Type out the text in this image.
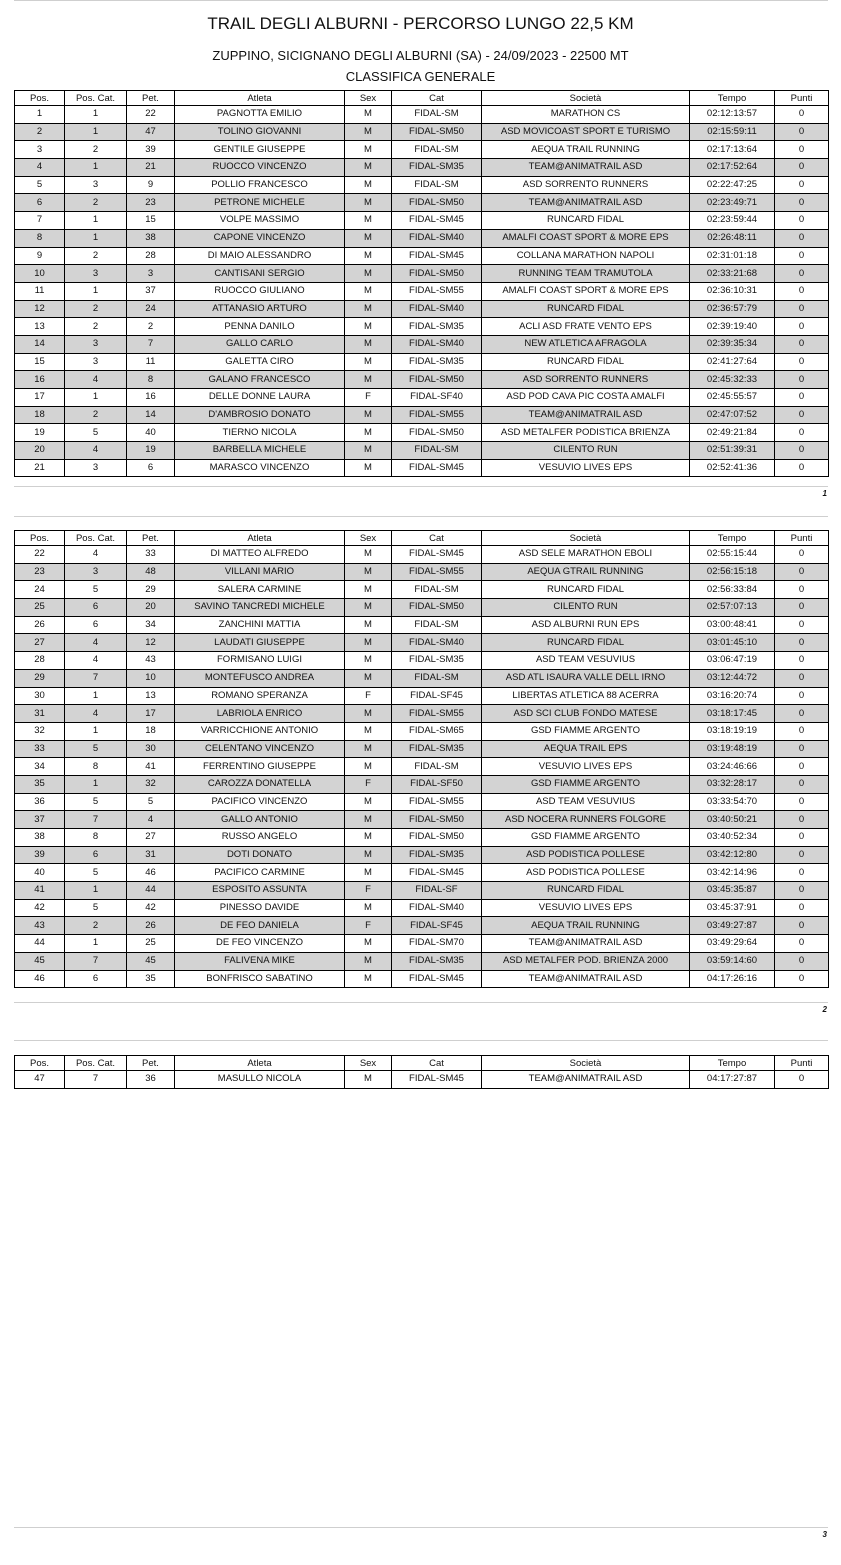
TRAIL DEGLI ALBURNI - PERCORSO LUNGO 22,5 KM
ZUPPINO, SICIGNANO DEGLI ALBURNI (SA) - 24/09/2023 - 22500 MT
CLASSIFICA GENERALE
Pos.	Pos. Cat.	Pet.	Atleta	Sex	Cat	Società	Tempo	Punti
1	1	22	PAGNOTTA EMILIO	M	FIDAL-SM	MARATHON CS	02:12:13:57	0
2	1	47	TOLINO GIOVANNI	M	FIDAL-SM50	ASD MOVICOAST SPORT E TURISMO	02:15:59:11	0
3	2	39	GENTILE GIUSEPPE	M	FIDAL-SM	AEQUA TRAIL RUNNING	02:17:13:64	0
4	1	21	RUOCCO VINCENZO	M	FIDAL-SM35	TEAM@ANIMATRAIL ASD	02:17:52:64	0
5	3	9	POLLIO FRANCESCO	M	FIDAL-SM	ASD SORRENTO RUNNERS	02:22:47:25	0
6	2	23	PETRONE MICHELE	M	FIDAL-SM50	TEAM@ANIMATRAIL ASD	02:23:49:71	0
7	1	15	VOLPE MASSIMO	M	FIDAL-SM45	RUNCARD FIDAL	02:23:59:44	0
8	1	38	CAPONE VINCENZO	M	FIDAL-SM40	AMALFI COAST SPORT & MORE EPS	02:26:48:11	0
9	2	28	DI MAIO ALESSANDRO	M	FIDAL-SM45	COLLANA MARATHON NAPOLI	02:31:01:18	0
10	3	3	CANTISANI SERGIO	M	FIDAL-SM50	RUNNING TEAM TRAMUTOLA	02:33:21:68	0
11	1	37	RUOCCO GIULIANO	M	FIDAL-SM55	AMALFI COAST SPORT & MORE EPS	02:36:10:31	0
12	2	24	ATTANASIO ARTURO	M	FIDAL-SM40	RUNCARD FIDAL	02:36:57:79	0
13	2	2	PENNA DANILO	M	FIDAL-SM35	ACLI ASD FRATE VENTO EPS	02:39:19:40	0
14	3	7	GALLO CARLO	M	FIDAL-SM40	NEW ATLETICA AFRAGOLA	02:39:35:34	0
15	3	11	GALETTA CIRO	M	FIDAL-SM35	RUNCARD FIDAL	02:41:27:64	0
16	4	8	GALANO FRANCESCO	M	FIDAL-SM50	ASD SORRENTO RUNNERS	02:45:32:33	0
17	1	16	DELLE DONNE LAURA	F	FIDAL-SF40	ASD POD CAVA PIC COSTA AMALFI	02:45:55:57	0
18	2	14	D'AMBROSIO DONATO	M	FIDAL-SM55	TEAM@ANIMATRAIL ASD	02:47:07:52	0
19	5	40	TIERNO NICOLA	M	FIDAL-SM50	ASD METALFER PODISTICA BRIENZA	02:49:21:84	0
20	4	19	BARBELLA MICHELE	M	FIDAL-SM	CILENTO RUN	02:51:39:31	0
21	3	6	MARASCO VINCENZO	M	FIDAL-SM45	VESUVIO LIVES EPS	02:52:41:36	0
1
Pos.	Pos. Cat.	Pet.	Atleta	Sex	Cat	Società	Tempo	Punti
22	4	33	DI MATTEO ALFREDO	M	FIDAL-SM45	ASD SELE MARATHON EBOLI	02:55:15:44	0
23	3	48	VILLANI MARIO	M	FIDAL-SM55	AEQUA GTRAIL RUNNING	02:56:15:18	0
24	5	29	SALERA CARMINE	M	FIDAL-SM	RUNCARD FIDAL	02:56:33:84	0
25	6	20	SAVINO TANCREDI MICHELE	M	FIDAL-SM50	CILENTO RUN	02:57:07:13	0
26	6	34	ZANCHINI MATTIA	M	FIDAL-SM	ASD ALBURNI RUN EPS	03:00:48:41	0
27	4	12	LAUDATI GIUSEPPE	M	FIDAL-SM40	RUNCARD FIDAL	03:01:45:10	0
28	4	43	FORMISANO LUIGI	M	FIDAL-SM35	ASD TEAM VESUVIUS	03:06:47:19	0
29	7	10	MONTEFUSCO ANDREA	M	FIDAL-SM	ASD ATL ISAURA VALLE DELL IRNO	03:12:44:72	0
30	1	13	ROMANO SPERANZA	F	FIDAL-SF45	LIBERTAS ATLETICA 88 ACERRA	03:16:20:74	0
31	4	17	LABRIOLA ENRICO	M	FIDAL-SM55	ASD SCI CLUB FONDO MATESE	03:18:17:45	0
32	1	18	VARRICCHIONE ANTONIO	M	FIDAL-SM65	GSD FIAMME ARGENTO	03:18:19:19	0
33	5	30	CELENTANO VINCENZO	M	FIDAL-SM35	AEQUA TRAIL EPS	03:19:48:19	0
34	8	41	FERRENTINO GIUSEPPE	M	FIDAL-SM	VESUVIO LIVES EPS	03:24:46:66	0
35	1	32	CAROZZA DONATELLA	F	FIDAL-SF50	GSD FIAMME ARGENTO	03:32:28:17	0
36	5	5	PACIFICO VINCENZO	M	FIDAL-SM55	ASD TEAM VESUVIUS	03:33:54:70	0
37	7	4	GALLO ANTONIO	M	FIDAL-SM50	ASD NOCERA RUNNERS FOLGORE	03:40:50:21	0
38	8	27	RUSSO ANGELO	M	FIDAL-SM50	GSD FIAMME ARGENTO	03:40:52:34	0
39	6	31	DOTI DONATO	M	FIDAL-SM35	ASD PODISTICA POLLESE	03:42:12:80	0
40	5	46	PACIFICO CARMINE	M	FIDAL-SM45	ASD PODISTICA POLLESE	03:42:14:96	0
41	1	44	ESPOSITO ASSUNTA	F	FIDAL-SF	RUNCARD FIDAL	03:45:35:87	0
42	5	42	PINESSO DAVIDE	M	FIDAL-SM40	VESUVIO LIVES EPS	03:45:37:91	0
43	2	26	DE FEO DANIELA	F	FIDAL-SF45	AEQUA TRAIL RUNNING	03:49:27:87	0
44	1	25	DE FEO VINCENZO	M	FIDAL-SM70	TEAM@ANIMATRAIL ASD	03:49:29:64	0
45	7	45	FALIVENA MIKE	M	FIDAL-SM35	ASD METALFER POD. BRIENZA 2000	03:59:14:60	0
46	6	35	BONFRISCO SABATINO	M	FIDAL-SM45	TEAM@ANIMATRAIL ASD	04:17:26:16	0
2
Pos.	Pos. Cat.	Pet.	Atleta	Sex	Cat	Società	Tempo	Punti
47	7	36	MASULLO NICOLA	M	FIDAL-SM45	TEAM@ANIMATRAIL ASD	04:17:27:87	0
3
